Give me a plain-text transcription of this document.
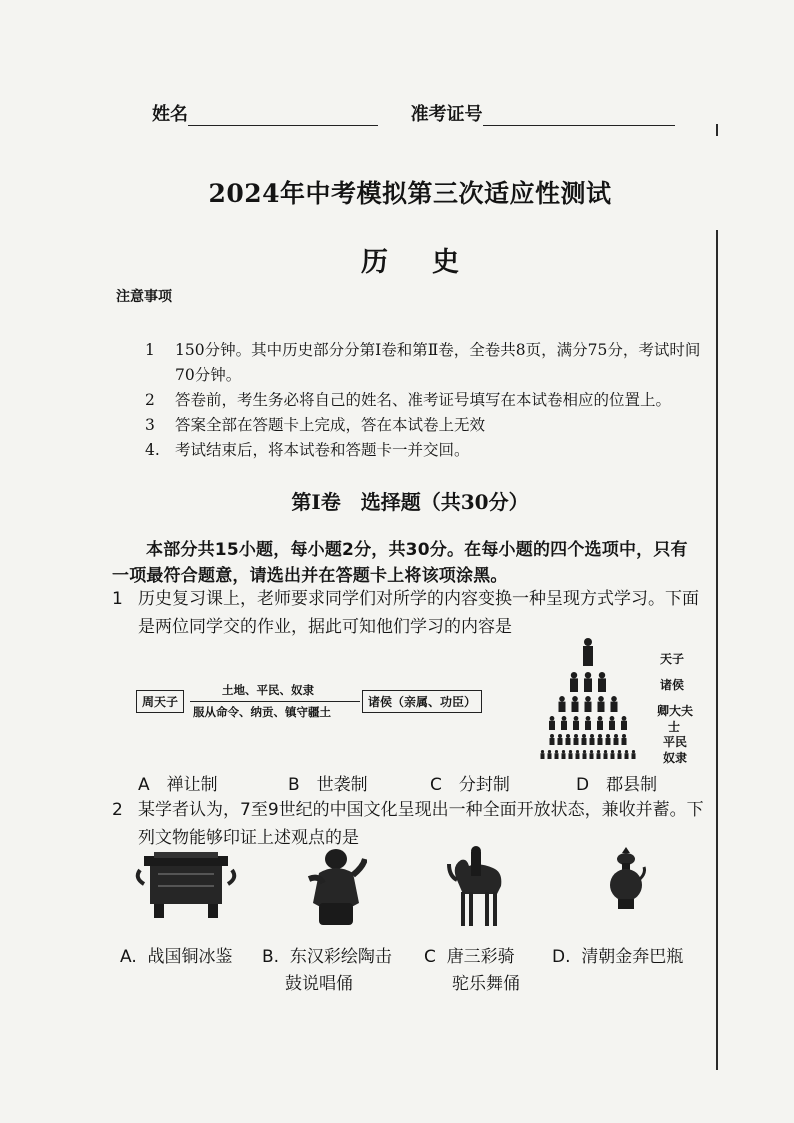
姓名	准考证号
2024年中考模拟第三次适应性测试
历 史
注意事项
1	150分钟。其中历史部分分第Ⅰ卷和第Ⅱ卷，全卷共8页，满分75分，考试时间70分钟。
2	答卷前，考生务必将自己的姓名、准考证号填写在本试卷相应的位置上。
3	答案全部在答题卡上完成，答在本试卷上无效
4. 考试结束后，将本试卷和答题卡一并交回。
第Ⅰ卷　选择题（共30分）
本部分共15小题，每小题2分，共30分。在每小题的四个选项中，只有一项最符合题意，请选出并在答题卡上将该项涂黑。
1 历史复习课上，老师要求同学们对所学的内容变换一种呈现方式学习。下面是两位同学交的作业，据此可知他们学习的内容是
周天子
土地、平民、奴隶
服从命令、纳贡、镇守疆土
诸侯（亲属、功臣）
天子
诸侯
卿大夫
士
平民
奴隶
A　 禅让制	B　 世袭制	C　 分封制	D　 郡县制
2 某学者认为，7至9世纪的中国文化呈现出一种全面开放状态，兼收并蓄。下列文物能够印证上述观点的是
A. 战国铜冰鉴 B. 东汉彩绘陶击
鼓说唱俑
C 唐三彩骑
驼乐舞俑
D. 清朝金奔巴瓶
